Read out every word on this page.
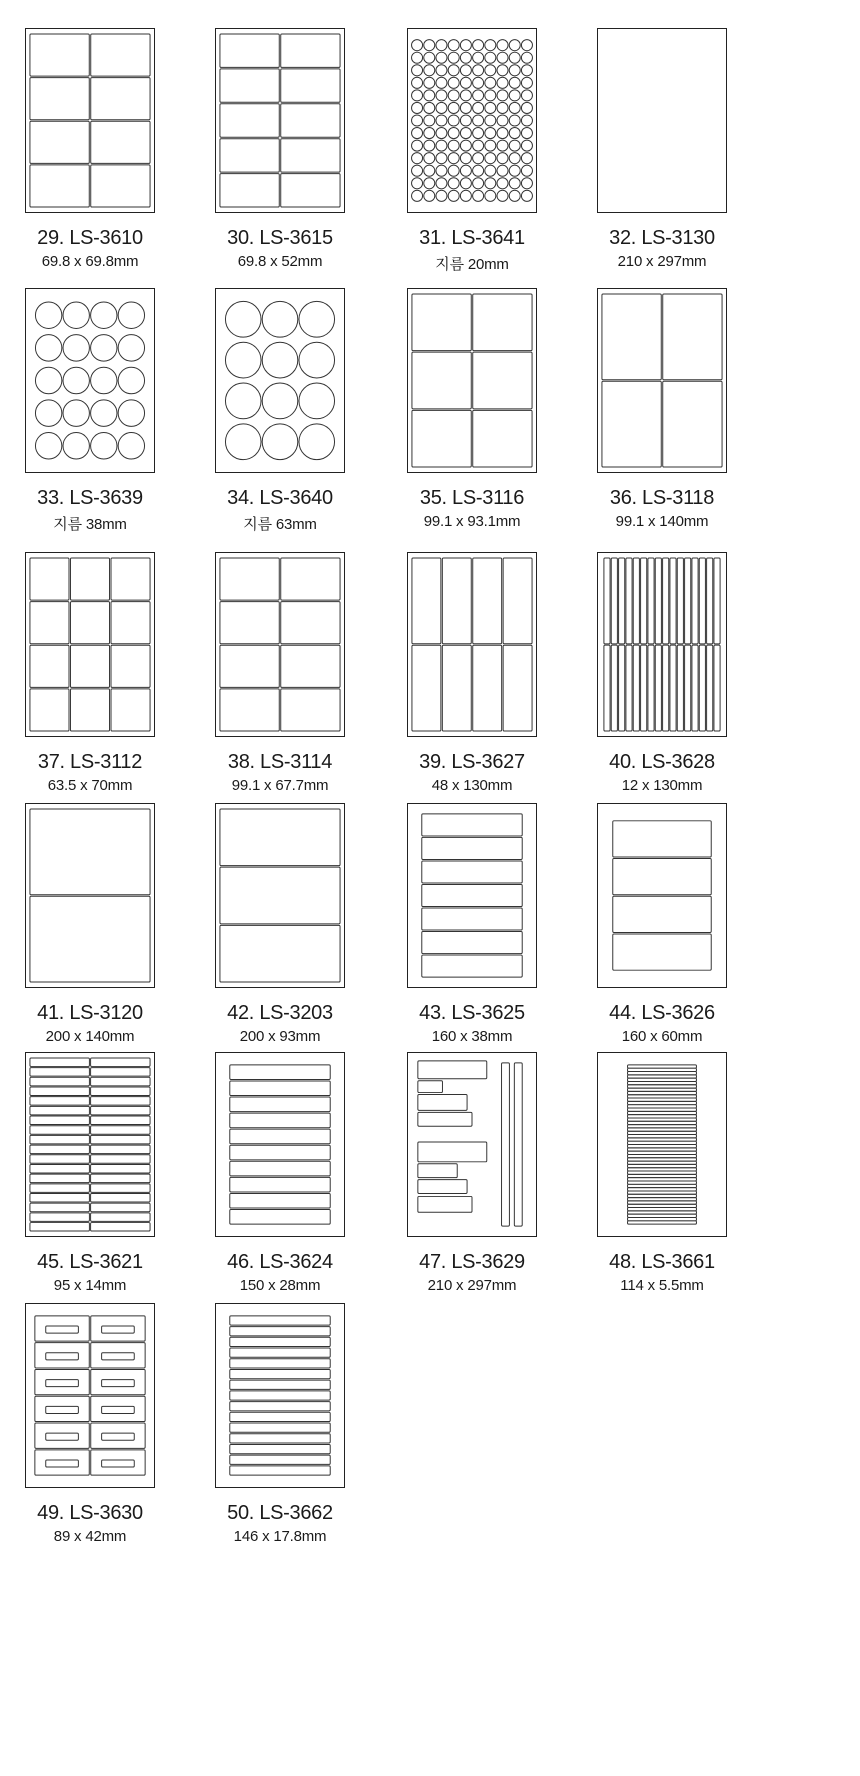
29. LS-3610
69.8 x 69.8mm
30. LS-3615
69.8 x 52mm
31. LS-3641
지름 20mm
32. LS-3130
210 x 297mm
33. LS-3639
지름 38mm
34. LS-3640
지름 63mm
35. LS-3116
99.1 x 93.1mm
36. LS-3118
99.1 x 140mm
37. LS-3112
63.5 x 70mm
38. LS-3114
99.1 x 67.7mm
39. LS-3627
48 x 130mm
40. LS-3628
12 x 130mm
41. LS-3120
200 x 140mm
42. LS-3203
200 x 93mm
43. LS-3625
160 x 38mm
44. LS-3626
160 x 60mm
45. LS-3621
95 x 14mm
46. LS-3624
150 x 28mm
47. LS-3629
210 x 297mm
48. LS-3661
114 x 5.5mm
49. LS-3630
89 x 42mm
50. LS-3662
146 x 17.8mm
